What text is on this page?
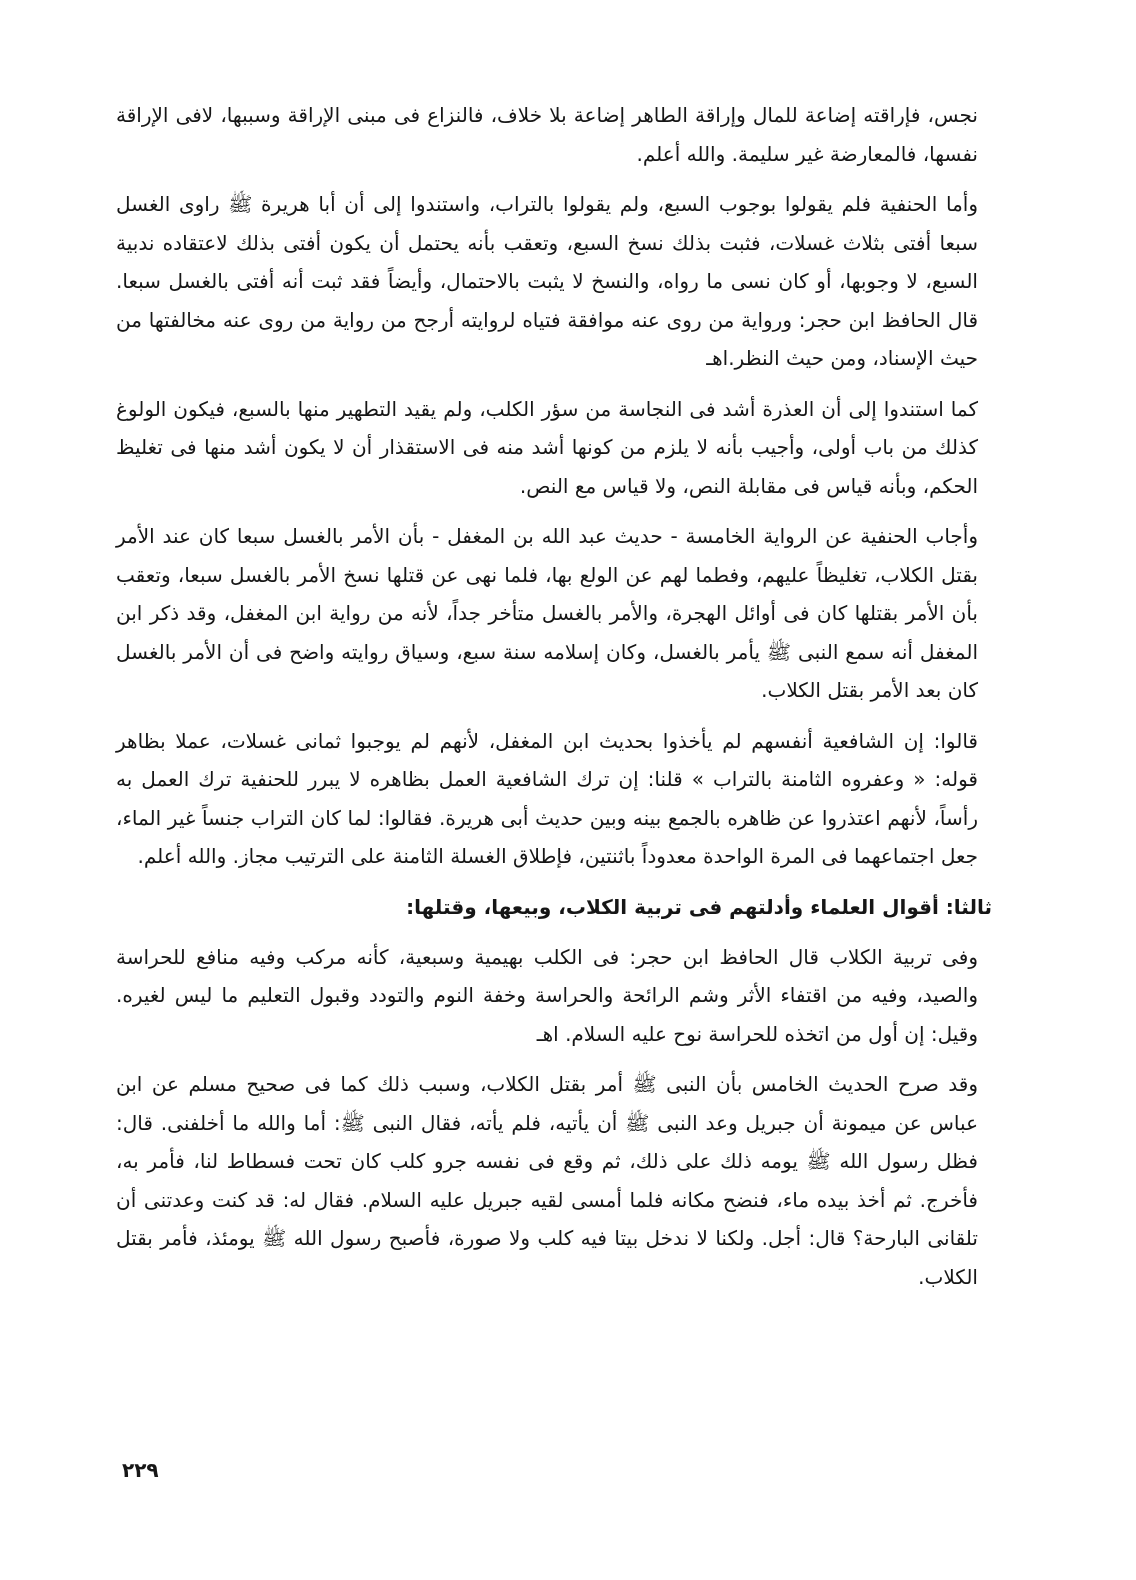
نجس، فإراقته إضاعة للمال وإراقة الطاهر إضاعة بلا خلاف، فالنزاع فى مبنى الإراقة وسببها، لافى الإراقة نفسها، فالمعارضة غير سليمة. والله أعلم.

وأما الحنفية فلم يقولوا بوجوب السبع، ولم يقولوا بالتراب، واستندوا إلى أن أبا هريرة ﷺ راوى الغسل سبعا أفتى بثلاث غسلات، فثبت بذلك نسخ السبع، وتعقب بأنه يحتمل أن يكون أفتى بذلك لاعتقاده ندبية السبع، لا وجوبها، أو كان نسى ما رواه، والنسخ لا يثبت بالاحتمال، وأيضاً فقد ثبت أنه أفتى بالغسل سبعا. قال الحافظ ابن حجر: ورواية من روى عنه موافقة فتياه لروايته أرجح من رواية من روى عنه مخالفتها من حيث الإسناد، ومن حيث النظر.اهـ

كما استندوا إلى أن العذرة أشد فى النجاسة من سؤر الكلب، ولم يقيد التطهير منها بالسبع، فيكون الولوغ كذلك من باب أولى، وأجيب بأنه لا يلزم من كونها أشد منه فى الاستقذار أن لا يكون أشد منها فى تغليظ الحكم، وبأنه قياس فى مقابلة النص، ولا قياس مع النص.

وأجاب الحنفية عن الرواية الخامسة - حديث عبد الله بن المغفل - بأن الأمر بالغسل سبعا كان عند الأمر بقتل الكلاب، تغليظاً عليهم، وفطما لهم عن الولع بها، فلما نهى عن قتلها نسخ الأمر بالغسل سبعا، وتعقب بأن الأمر بقتلها كان فى أوائل الهجرة، والأمر بالغسل متأخر جداً، لأنه من رواية ابن المغفل، وقد ذكر ابن المغفل أنه سمع النبى ﷺ يأمر بالغسل، وكان إسلامه سنة سبع، وسياق روايته واضح فى أن الأمر بالغسل كان بعد الأمر بقتل الكلاب.

قالوا: إن الشافعية أنفسهم لم يأخذوا بحديث ابن المغفل، لأنهم لم يوجبوا ثمانى غسلات، عملا بظاهر قوله: « وعفروه الثامنة بالتراب » قلنا: إن ترك الشافعية العمل بظاهره لا يبرر للحنفية ترك العمل به رأساً، لأنهم اعتذروا عن ظاهره بالجمع بينه وبين حديث أبى هريرة. فقالوا: لما كان التراب جنساً غير الماء، جعل اجتماعهما فى المرة الواحدة معدوداً باثنتين، فإطلاق الغسلة الثامنة على الترتيب مجاز. والله أعلم.

ثالثا: أقوال العلماء وأدلتهم فى تربية الكلاب، وبيعها، وقتلها:

وفى تربية الكلاب قال الحافظ ابن حجر: فى الكلب بهيمية وسبعية، كأنه مركب وفيه منافع للحراسة والصيد، وفيه من اقتفاء الأثر وشم الرائحة والحراسة وخفة النوم والتودد وقبول التعليم ما ليس لغيره. وقيل: إن أول من اتخذه للحراسة نوح عليه السلام. اهـ

وقد صرح الحديث الخامس بأن النبى ﷺ أمر بقتل الكلاب، وسبب ذلك كما فى صحيح مسلم عن ابن عباس عن ميمونة أن جبريل وعد النبى ﷺ أن يأتيه، فلم يأته، فقال النبى ﷺ: أما والله ما أخلفنى. قال: فظل رسول الله ﷺ يومه ذلك على ذلك، ثم وقع فى نفسه جرو كلب كان تحت فسطاط لنا، فأمر به، فأخرج. ثم أخذ بيده ماء، فنضح مكانه فلما أمسى لقيه جبريل عليه السلام. فقال له: قد كنت وعدتنى أن تلقانى البارحة؟ قال: أجل. ولكنا لا ندخل بيتا فيه كلب ولا صورة، فأصبح رسول الله ﷺ يومئذ، فأمر بقتل الكلاب.

٢٢٩
